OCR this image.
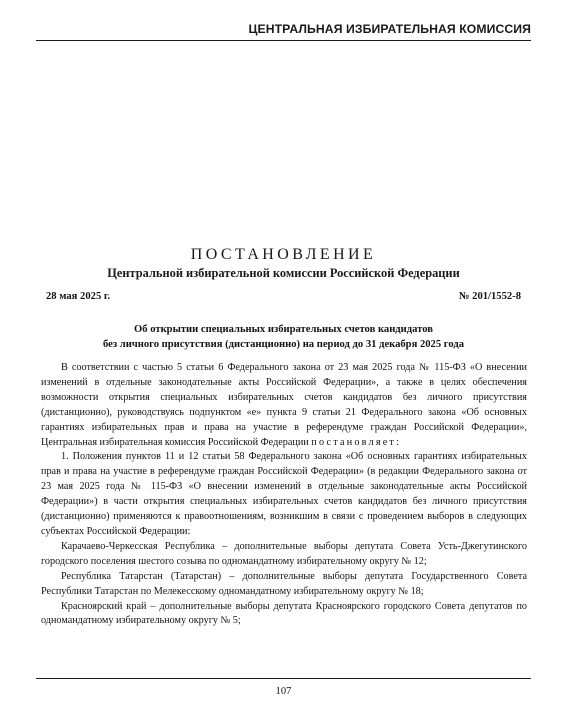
ЦЕНТРАЛЬНАЯ ИЗБИРАТЕЛЬНАЯ КОМИССИЯ
ПОСТАНОВЛЕНИЕ
Центральной избирательной комиссии Российской Федерации
28 мая 2025 г.	№ 201/1552-8
Об открытии специальных избирательных счетов кандидатов
без личного присутствия (дистанционно) на период до 31 декабря 2025 года

В соответствии с частью 5 статьи 6 Федерального закона от 23 мая 2025 года № 115-ФЗ «О внесении изменений в отдельные законодательные акты Российской Федерации», а также в целях обеспечения возможности открытия специальных избирательных счетов кандидатов без личного присутствия (дистанционно), руководствуясь подпунктом «е» пункта 9 статьи 21 Федерального закона «Об основных гарантиях избирательных прав и права на участие в референдуме граждан Российской Федерации», Центральная избирательная комиссия Российской Федерации постановляет:

1. Положения пунктов 11 и 12 статьи 58 Федерального закона «Об основных гарантиях избирательных прав и права на участие в референдуме граждан Российской Федерации» (в редакции Федерального закона от 23 мая 2025 года № 115-ФЗ «О внесении изменений в отдельные законодательные акты Российской Федерации») в части открытия специальных избирательных счетов кандидатов без личного присутствия (дистанционно) применяются к правоотношениям, возникшим в связи с проведением выборов в следующих субъектах Российской Федерации:

Карачаево-Черкесская Республика – дополнительные выборы депутата Совета Усть-Джегутинского городского поселения шестого созыва по одномандатному избирательному округу № 12;

Республика Татарстан (Татарстан) – дополнительные выборы депутата Государственного Совета Республики Татарстан по Мелекесскому одномандатному избирательному округу № 18;

Красноярский край – дополнительные выборы депутата Красноярского городского Совета депутатов по одномандатному избирательному округу № 5;

107
